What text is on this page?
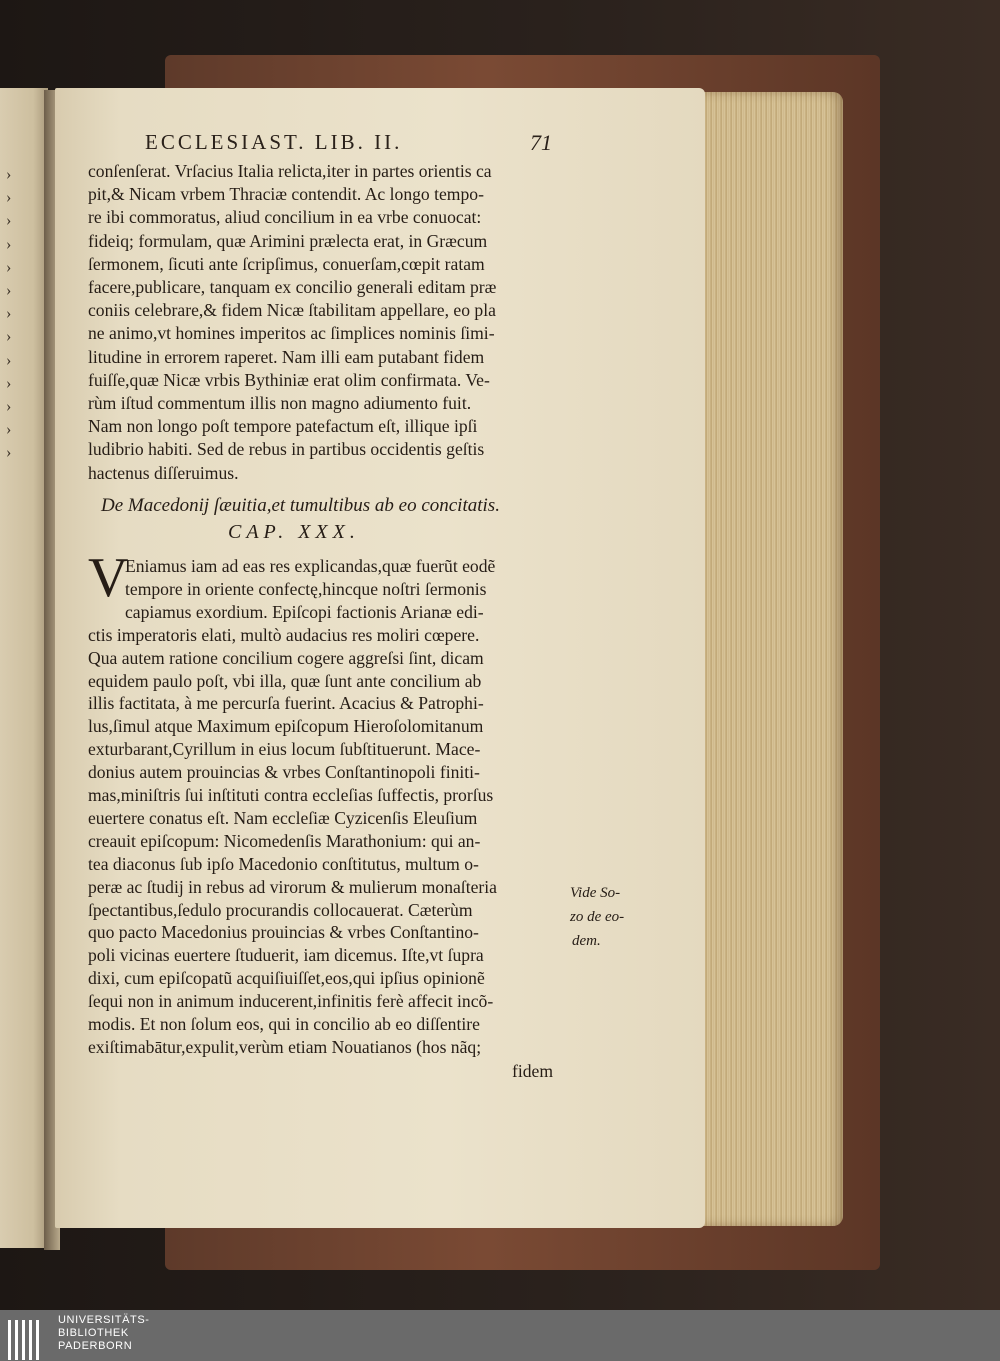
›
›
›
›
›
›
›
›
›
›
›
›
›
ECCLESIAST. LIB. II.	71
conſenſerat. Vrſacius Italia relicta,iter in partes orientis ca
pit,& Nicam vrbem Thraciæ contendit. Ac longo tempo-
re ibi commoratus, aliud concilium in ea vrbe conuocat:
fideiq; formulam, quæ Arimini prælecta erat, in Græcum
ſermonem, ſicuti ante ſcripſimus, conuerſam,cœpit ratam
facere,publicare, tanquam ex concilio generali editam præ
coniis celebrare,& fidem Nicæ ſtabilitam appellare, eo pla
ne animo,vt homines imperitos ac ſimplices nominis ſimi-
litudine in errorem raperet. Nam illi eam putabant fidem
fuiſſe,quæ Nicæ vrbis Bythiniæ erat olim confirmata. Ve-
rùm iſtud commentum illis non magno adiumento fuit.
Nam non longo poſt tempore patefactum eſt, illique ipſi
ludibrio habiti. Sed de rebus in partibus occidentis geſtis
hactenus diſſeruimus.
De Macedonij ſæuitia,et tumultibus ab eo concitatis.
CAP. XXX.
V
Eniamus iam ad eas res explicandas,quæ fuerũt eodẽ
tempore in oriente confectę,hincque noſtri ſermonis
capiamus exordium. Epiſcopi factionis Arianæ edi-
ctis imperatoris elati, multò audacius res moliri cœpere.
Qua autem ratione concilium cogere aggreſsi ſint, dicam
equidem paulo poſt, vbi illa, quæ ſunt ante concilium ab
illis factitata, à me percurſa fuerint. Acacius & Patrophi-
lus,ſimul atque Maximum epiſcopum Hieroſolomitanum
exturbarant,Cyrillum in eius locum ſubſtituerunt. Mace-
donius autem prouincias & vrbes Conſtantinopoli finiti-
mas,miniſtris ſui inſtituti contra eccleſias ſuffectis, prorſus
euertere conatus eſt. Nam eccleſiæ Cyzicenſis Eleuſium
creauit epiſcopum: Nicomedenſis Marathonium: qui an-
tea diaconus ſub ipſo Macedonio conſtitutus, multum o-
peræ ac ſtudij in rebus ad virorum & mulierum monaſteria
ſpectantibus,ſedulo procurandis collocauerat. Cæterùm
quo pacto Macedonius prouincias & vrbes Conſtantino-
poli vicinas euertere ſtuduerit, iam dicemus. Iſte,vt ſupra
dixi, cum epiſcopatũ acquiſiuiſſet,eos,qui ipſius opinionẽ
ſequi non in animum inducerent,infinitis ferè affecit incõ-
modis. Et non ſolum eos, qui in concilio ab eo diſſentire
exiſtimabātur,expulit,verùm etiam Nouatianos (hos nãq;
fidem
Vide So-
zo de eo-
dem.
UNIVERSITÄTS-
BIBLIOTHEK
PADERBORN
